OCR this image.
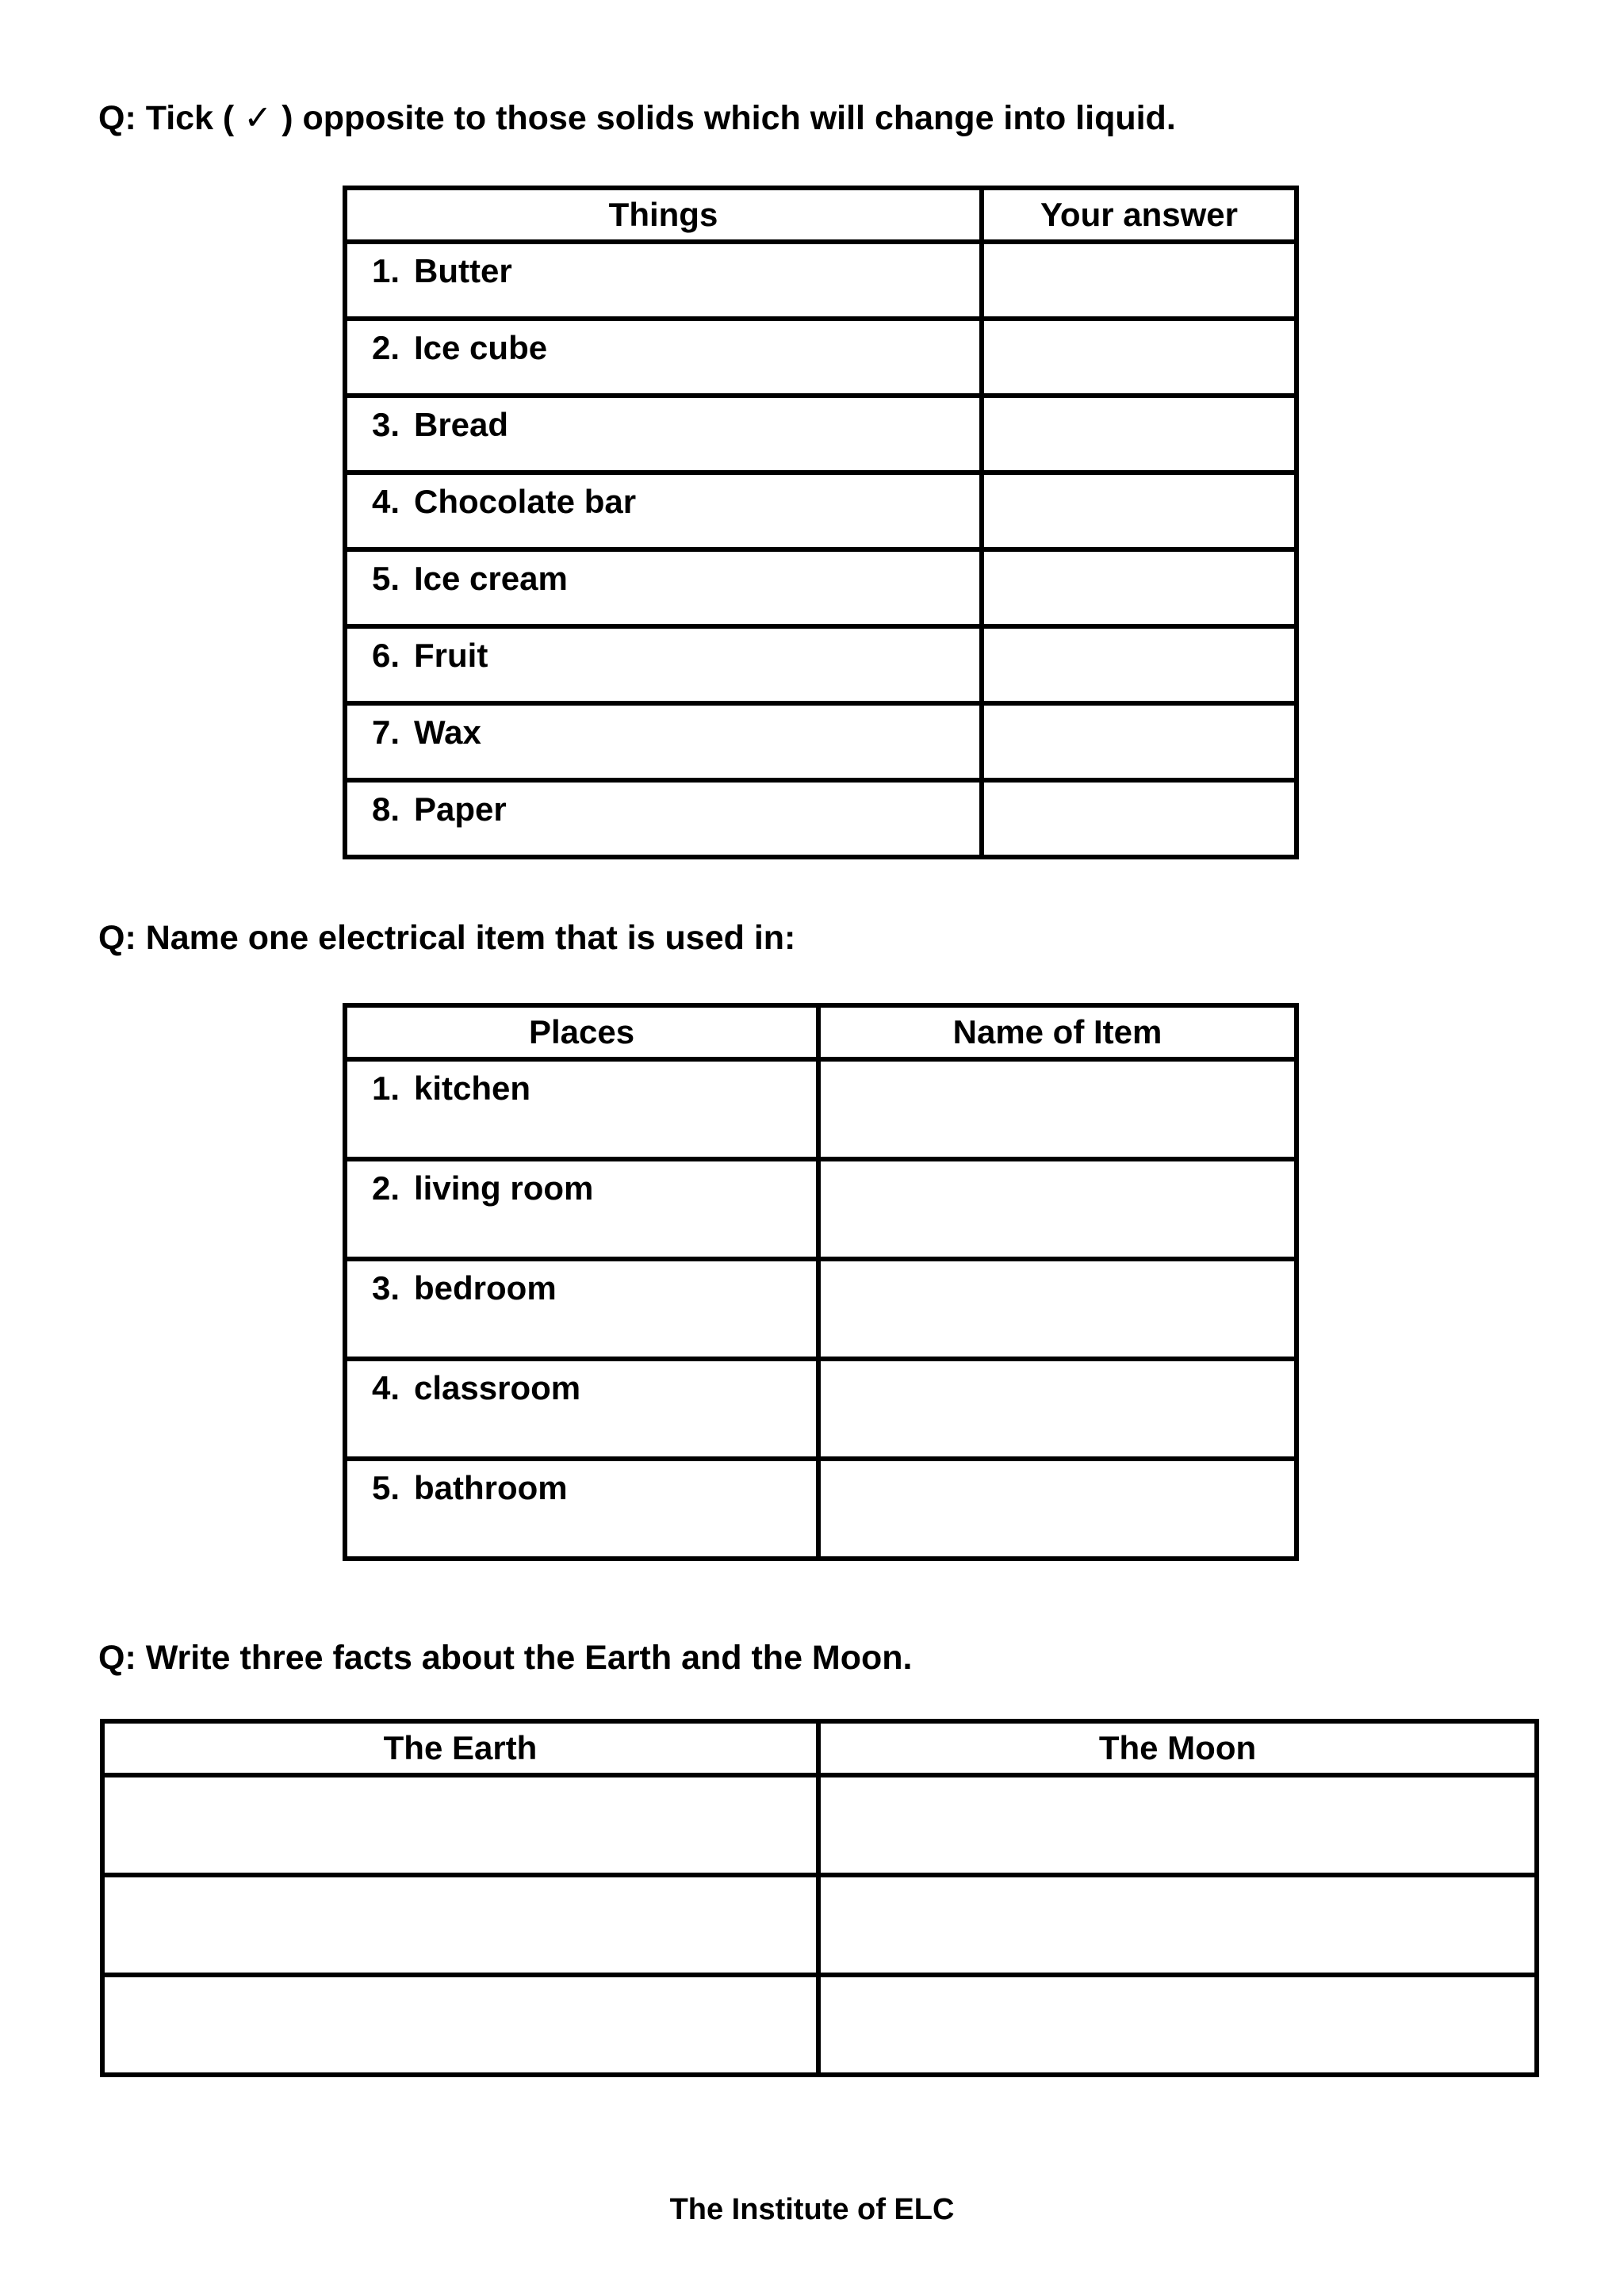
Q: Tick ( ✓ ) opposite to those solids which will change into liquid.
Things	Your answer

1. Butter	

2. Ice cube	

3. Bread	

4. Chocolate bar	

5. Ice cream	

6. Fruit	

7. Wax	

8. Paper	

Q: Name one electrical item that is used in:
Places	Name of Item

1. kitchen	

2. living room	

3. bedroom	

4. classroom	

5. bathroom	

Q: Write three facts about the Earth and the Moon.
The Earth	The Moon

The Institute of ELC
